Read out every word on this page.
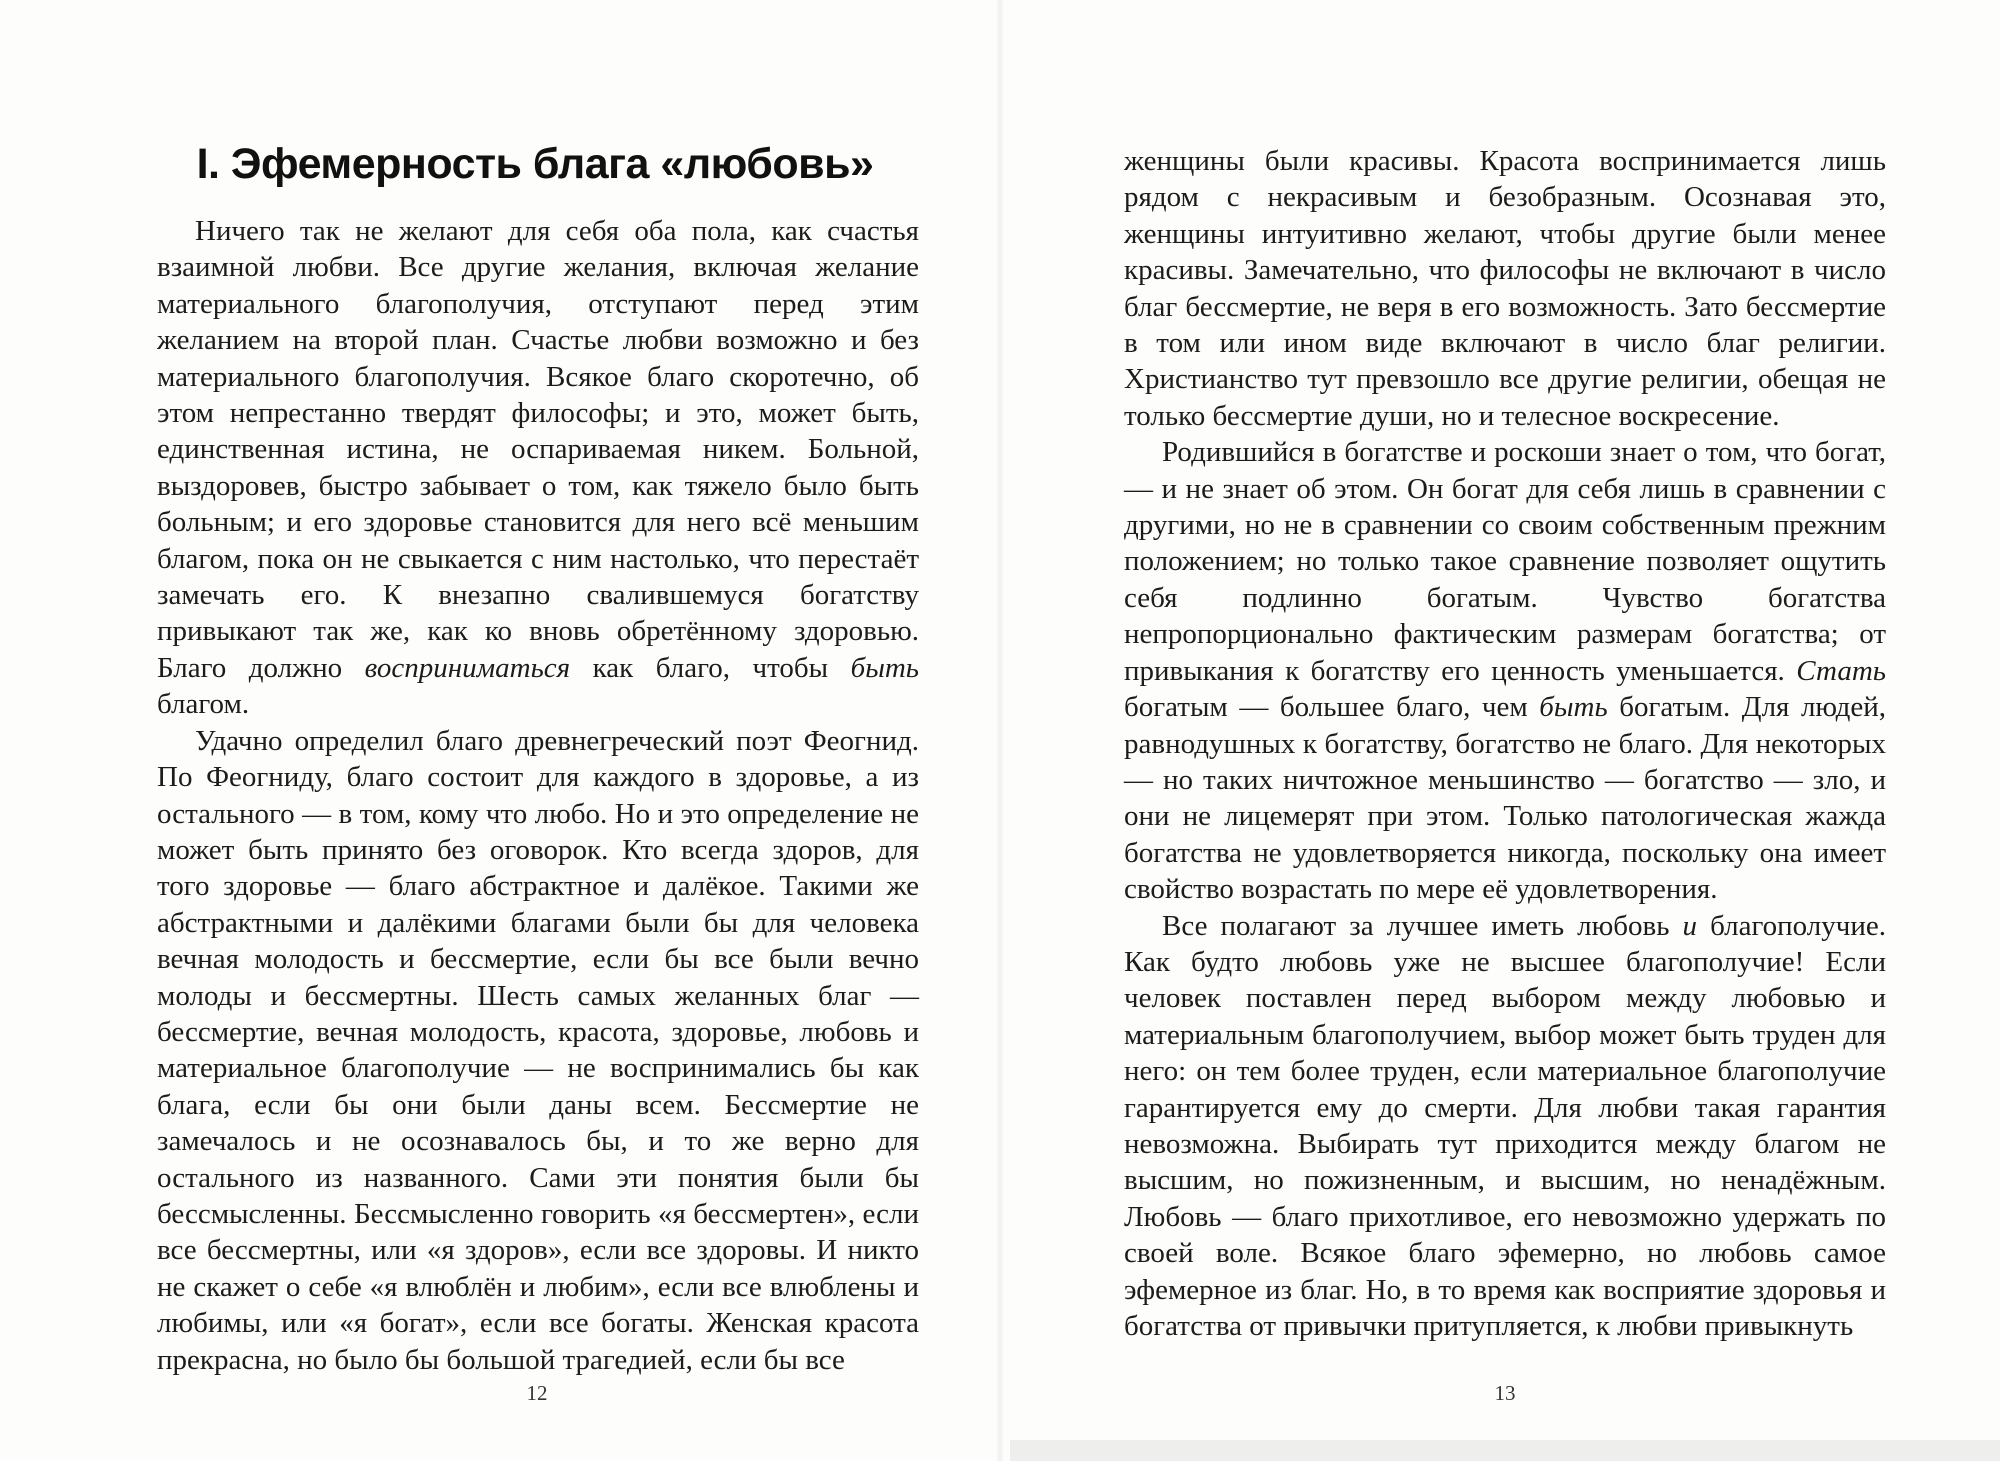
I. Эфемерность блага «любовь»

Ничего так не желают для себя оба пола, как счастья взаимной любви. Все другие желания, включая желание материального благополучия, отступают перед этим желанием на второй план. Счастье любви возможно и без материального благополучия. Всякое благо скоротечно, об этом непрестанно твердят философы; и это, может быть, единственная истина, не оспариваемая никем. Больной, выздоровев, быстро забывает о том, как тяжело было быть больным; и его здоровье становится для него всё меньшим благом, пока он не свыкается с ним настолько, что перестаёт замечать его. К внезапно свалившемуся богатству привыкают так же, как ко вновь обретённому здоровью. Благо должно восприниматься как благо, чтобы быть благом.

Удачно определил благо древнегреческий поэт Феогнид. По Феогниду, благо состоит для каждого в здоровье, а из остального — в том, кому что любо. Но и это определение не может быть принято без оговорок. Кто всегда здоров, для того здоровье — благо абстрактное и далёкое. Такими же абстрактными и далёкими благами были бы для человека вечная молодость и бессмертие, если бы все были вечно молоды и бессмертны. Шесть самых желанных благ — бессмертие, вечная молодость, красота, здоровье, любовь и материальное благополучие — не воспринимались бы как блага, если бы они были даны всем. Бессмертие не замечалось и не осознавалось бы, и то же верно для остального из названного. Сами эти понятия были бы бессмысленны. Бессмысленно говорить «я бессмертен», если все бессмертны, или «я здоров», если все здоровы. И никто не скажет о себе «я влюблён и любим», если все влюблены и любимы, или «я богат», если все богаты. Женская красота прекрасна, но было бы большой трагедией, если бы все

12

женщины были красивы. Красота воспринимается лишь рядом с некрасивым и безобразным. Осознавая это, женщины интуитивно желают, чтобы другие были менее красивы. Замечательно, что философы не включают в число благ бессмертие, не веря в его возможность. Зато бессмертие в том или ином виде включают в число благ религии. Христианство тут превзошло все другие религии, обещая не только бессмертие души, но и телесное воскресение.

Родившийся в богатстве и роскоши знает о том, что богат, — и не знает об этом. Он богат для себя лишь в сравнении с другими, но не в сравнении со своим собственным прежним положением; но только такое сравнение позволяет ощутить себя подлинно богатым. Чувство богатства непропорционально фактическим размерам богатства; от привыкания к богатству его ценность уменьшается. Стать богатым — большее благо, чем быть богатым. Для людей, равнодушных к богатству, богатство не благо. Для некоторых — но таких ничтожное меньшинство — богатство — зло, и они не лицемерят при этом. Только патологическая жажда богатства не удовлетворяется никогда, поскольку она имеет свойство возрастать по мере её удовлетворения.

Все полагают за лучшее иметь любовь и благополучие. Как будто любовь уже не высшее благополучие! Если человек поставлен перед выбором между любовью и материальным благополучием, выбор может быть труден для него: он тем более труден, если материальное благополучие гарантируется ему до смерти. Для любви такая гарантия невозможна. Выбирать тут приходится между благом не высшим, но пожизненным, и высшим, но ненадёжным. Любовь — благо прихотливое, его невозможно удержать по своей воле. Всякое благо эфемерно, но любовь самое эфемерное из благ. Но, в то время как восприятие здоровья и богатства от привычки притупляется, к любви привыкнуть

13
